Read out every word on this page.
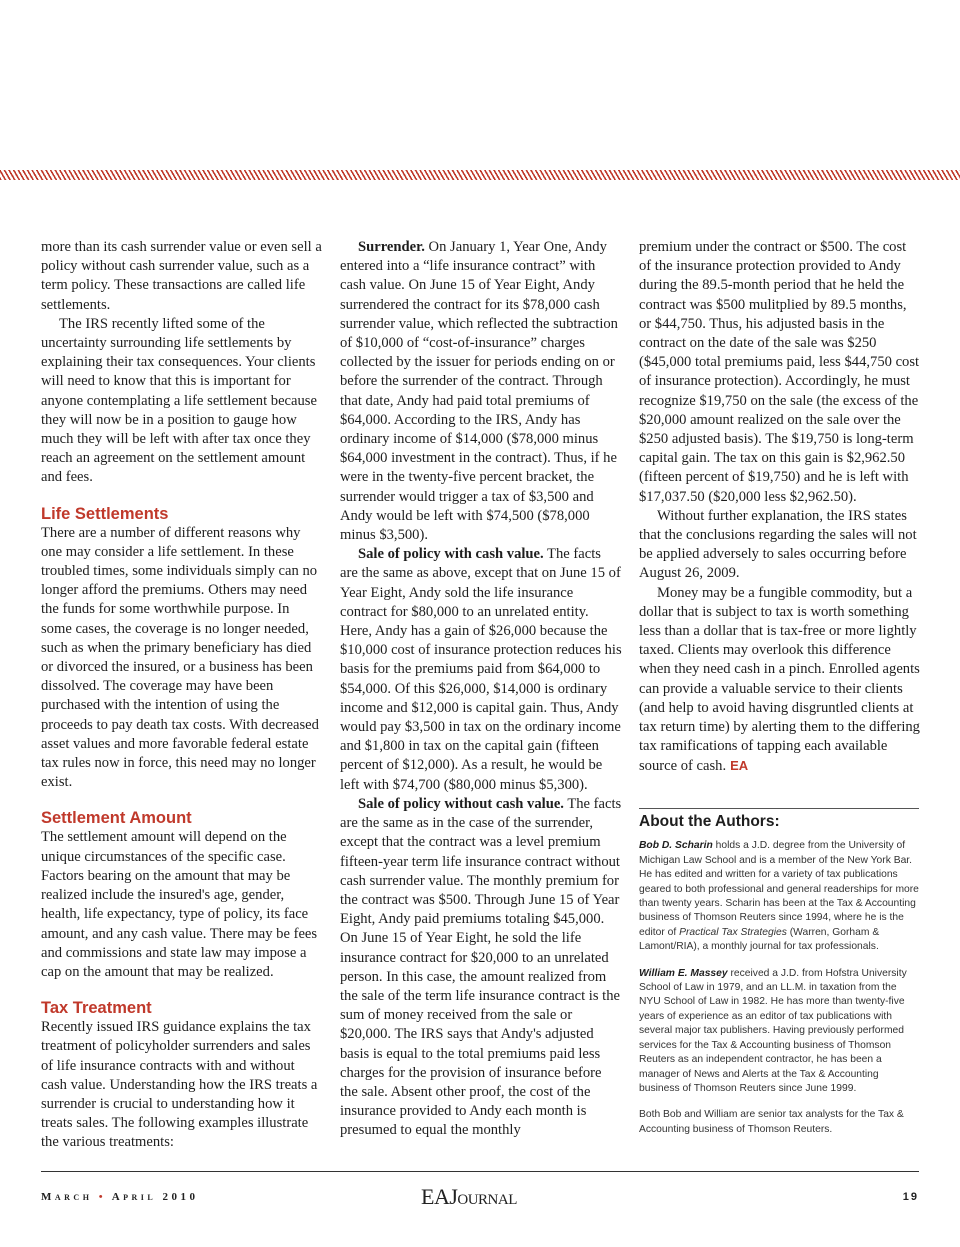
more than its cash surrender value or even sell a policy without cash surrender value, such as a term policy. These transactions are called life settlements.

The IRS recently lifted some of the uncertainty surrounding life settlements by explaining their tax consequences. Your clients will need to know that this is important for anyone contemplating a life settlement because they will now be in a position to gauge how much they will be left with after tax once they reach an agreement on the settlement amount and fees.

Life Settlements

There are a number of different reasons why one may consider a life settlement. In these troubled times, some individuals simply can no longer afford the premiums. Others may need the funds for some worthwhile purpose. In some cases, the coverage is no longer needed, such as when the primary beneficiary has died or divorced the insured, or a business has been dissolved. The coverage may have been purchased with the intention of using the proceeds to pay death tax costs. With decreased asset values and more favorable federal estate tax rules now in force, this need may no longer exist.

Settlement Amount

The settlement amount will depend on the unique circumstances of the specific case. Factors bearing on the amount that may be realized include the insured's age, gender, health, life expectancy, type of policy, its face amount, and any cash value. There may be fees and commissions and state law may impose a cap on the amount that may be realized.

Tax Treatment

Recently issued IRS guidance explains the tax treatment of policyholder surrenders and sales of life insurance contracts with and without cash value. Understanding how the IRS treats a surrender is crucial to understanding how it treats sales. The following examples illustrate the various treatments:

Surrender. On January 1, Year One, Andy entered into a “life insurance contract” with cash value. On June 15 of Year Eight, Andy surrendered the contract for its $78,000 cash surrender value, which reflected the subtraction of $10,000 of “cost-of-insurance” charges collected by the issuer for periods ending on or before the surrender of the contract. Through that date, Andy had paid total premiums of $64,000. According to the IRS, Andy has ordinary income of $14,000 ($78,000 minus $64,000 investment in the contract). Thus, if he were in the twenty-five percent bracket, the surrender would trigger a tax of $3,500 and Andy would be left with $74,500 ($78,000 minus $3,500).

Sale of policy with cash value. The facts are the same as above, except that on June 15 of Year Eight, Andy sold the life insurance contract for $80,000 to an unrelated entity. Here, Andy has a gain of $26,000 because the $10,000 cost of insurance protection reduces his basis for the premiums paid from $64,000 to $54,000. Of this $26,000, $14,000 is ordinary income and $12,000 is capital gain. Thus, Andy would pay $3,500 in tax on the ordinary income and $1,800 in tax on the capital gain (fifteen percent of $12,000). As a result, he would be left with $74,700 ($80,000 minus $5,300).

Sale of policy without cash value. The facts are the same as in the case of the surrender, except that the contract was a level premium fifteen-year term life insurance contract without cash surrender value. The monthly premium for the contract was $500. Through June 15 of Year Eight, Andy paid premiums totaling $45,000. On June 15 of Year Eight, he sold the life insurance contract for $20,000 to an unrelated person. In this case, the amount realized from the sale of the term life insurance contract is the sum of money received from the sale or $20,000. The IRS says that Andy's adjusted basis is equal to the total premiums paid less charges for the provision of insurance before the sale. Absent other proof, the cost of the insurance provided to Andy each month is presumed to equal the monthly

premium under the contract or $500. The cost of the insurance protection provided to Andy during the 89.5-month period that he held the contract was $500 mulitplied by 89.5 months, or $44,750. Thus, his adjusted basis in the contract on the date of the sale was $250 ($45,000 total premiums paid, less $44,750 cost of insurance protection). Accordingly, he must recognize $19,750 on the sale (the excess of the $20,000 amount realized on the sale over the $250 adjusted basis). The $19,750 is long-term capital gain. The tax on this gain is $2,962.50 (fifteen percent of $19,750) and he is left with $17,037.50 ($20,000 less $2,962.50).

Without further explanation, the IRS states that the conclusions regarding the sales will not be applied adversely to sales occurring before August 26, 2009.

Money may be a fungible commodity, but a dollar that is subject to tax is worth something less than a dollar that is tax-free or more lightly taxed. Clients may overlook this difference when they need cash in a pinch. Enrolled agents can provide a valuable service to their clients (and help to avoid having disgruntled clients at tax return time) by alerting them to the differing tax ramifications of tapping each available source of cash. EA

About the Authors:

Bob D. Scharin holds a J.D. degree from the University of Michigan Law School and is a member of the New York Bar. He has edited and written for a variety of tax publications geared to both professional and general readerships for more than twenty years. Scharin has been at the Tax & Accounting business of Thomson Reuters since 1994, where he is the editor of Practical Tax Strategies (Warren, Gorham & Lamont/RIA), a monthly journal for tax professionals.

William E. Massey received a J.D. from Hofstra University School of Law in 1979, and an LL.M. in taxation from the NYU School of Law in 1982. He has more than twenty-five years of experience as an editor of tax publications with several major tax publishers. Having previously performed services for the Tax & Accounting business of Thomson Reuters as an independent contractor, he has been a manager of News and Alerts at the Tax & Accounting business of Thomson Reuters since June 1999.

Both Bob and William are senior tax analysts for the Tax & Accounting business of Thomson Reuters.

March • April 2010	EAJournal	19
